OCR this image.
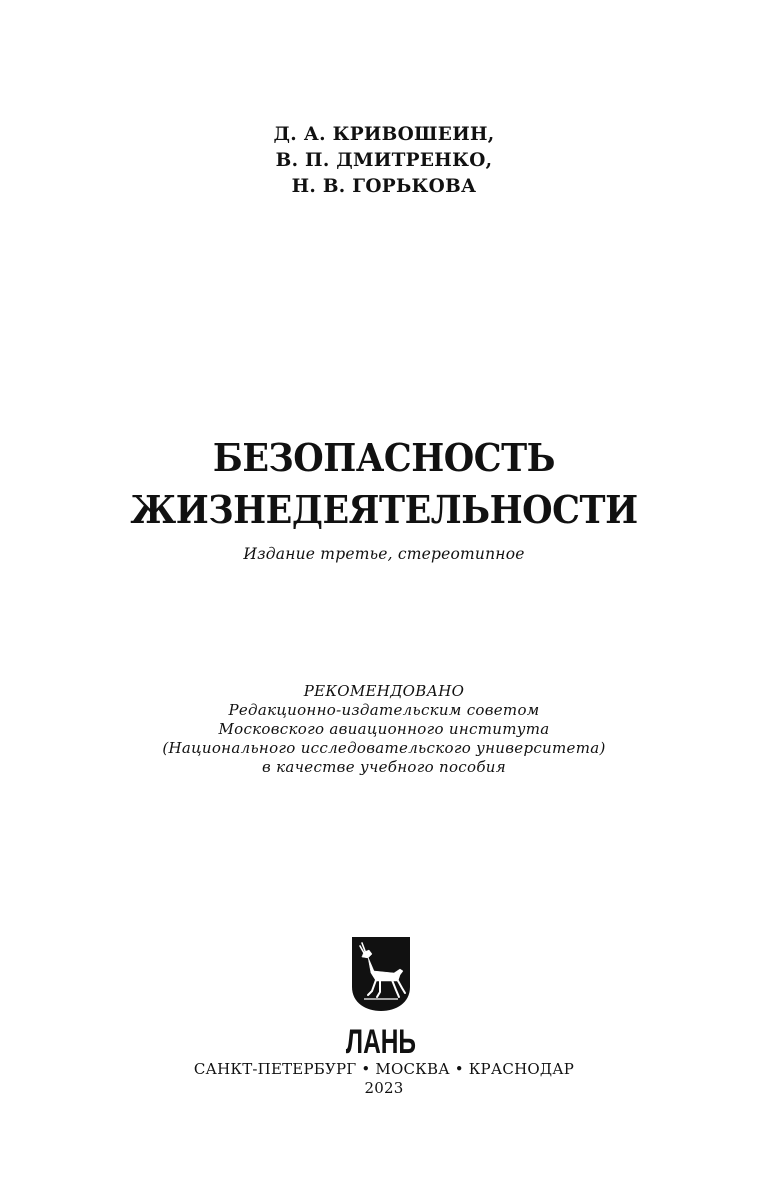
Д. А. КРИВОШЕИН,
В. П. ДМИТРЕНКО,
Н. В. ГОРЬКОВА
БЕЗОПАСНОСТЬ
ЖИЗНЕДЕЯТЕЛЬНОСТИ
Издание третье, стереотипное
РЕКОМЕНДОВАНО
Редакционно-издательским советом
Московского авиационного института
(Национального исследовательского университета)
в качестве учебного пособия
ЛАНЬ
САНКТ-ПЕТЕРБУРГ • МОСКВА • КРАСНОДАР
2023
